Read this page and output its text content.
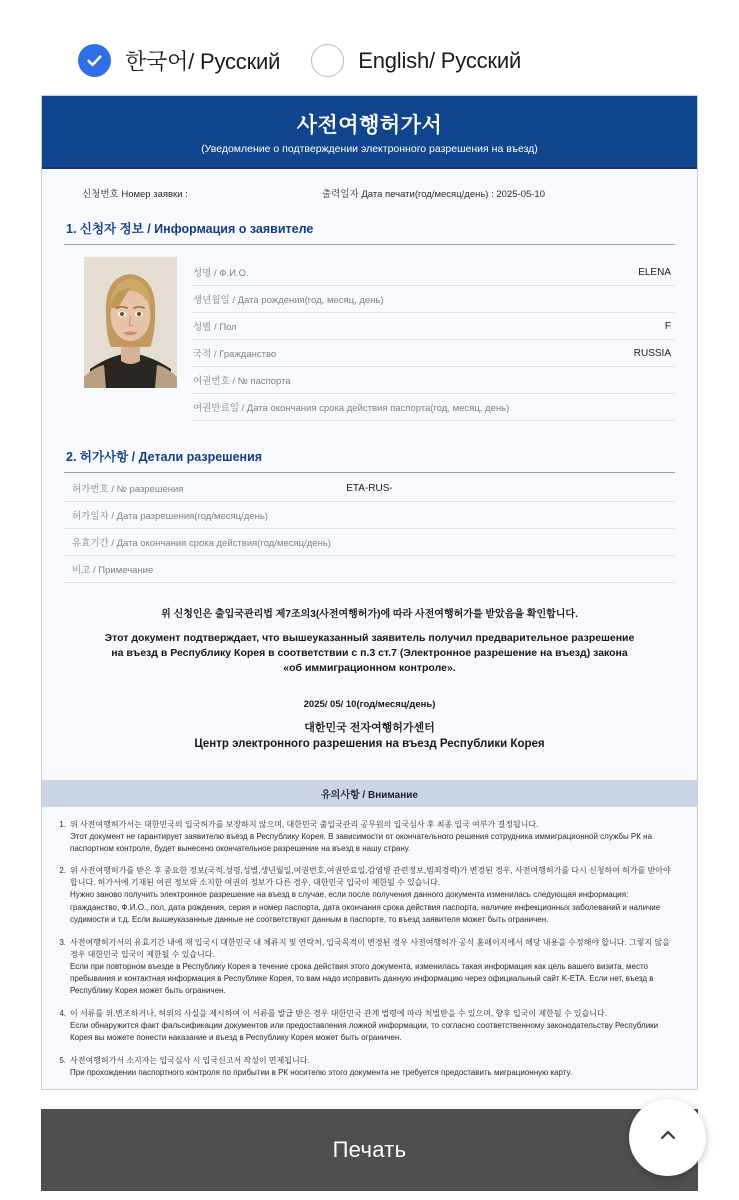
한국어/ Русский	English/ Русский
사전여행허가서
(Уведомление о подтверждении электронного разрешения на въезд)
신청번호 Номер заявки :	출력일자 Дата печати(год/месяц/день) : 2025-05-10
1. 신청자 정보 / Информация о заявителе
성명 / Ф.И.О.	ELENA
생년월일 / Дата рождения(год, месяц, день)
성별 / Пол	F
국적 / Гражданство	RUSSIA
여권번호 / № паспорта
여권만료일 / Дата окончания срока действия паспорта(год, месяц, день)
2. 허가사항 / Детали разрешения
허가번호 / № разрешения	ETA-RUS-
허가일자 / Дата разрешения(год/месяц/день)
유효기간 / Дата окончания срока действия(год/месяц/день)
비고 / Примечание
위 신청인은 출입국관리법 제7조의3(사전여행허가)에 따라 사전여행허가를 받았음을 확인합니다.
Этот документ подтверждает, что вышеуказанный заявитель получил предварительное разрешение на въезд в Республику Корея в соответствии с п.3 ст.7 (Электронное разрешение на въезд) закона «об иммиграционном контроле».
2025/ 05/ 10(год/месяц/день)
대한민국 전자여행허가센터
Центр электронного разрешения на въезд Республики Корея
유의사항 / Внимание
1. 위 사전여행허가서는 대한민국의 입국허가를 보장하지 않으며, 대한민국 출입국관리 공무원의 입국심사 후 최종 입국 여부가 결정됩니다.
Этот документ не гарантирует заявителю въезд в Республику Корея. В зависимости от окончательного решения сотрудника иммиграционной службы РК на паспортном контроле, будет вынесено окончательное разрешение на въезд в нашу страну.
2. 위 사전여행허가를 받은 후 중요한 정보(국적,성명,성별,생년월일,여권번호,여권만료일,감염병 관련정보,범죄경력)가 변경된 경우, 사전여행허가를 다시 신청하여 허가를 받아야 합니다. 허가서에 기재된 여권 정보와 소지한 여권의 정보가 다른 경우, 대한민국 입국이 제한될 수 있습니다.
Нужно заново получить электронное разрешение на въезд в случае, если после получения данного документа изменилась следующая информация: гражданство, Ф.И.О., пол, дата рождения, серия и номер паспорта, дата окончания срока действия паспорта, наличие инфекционных заболеваний и наличие судимости и т.д. Если вышеуказанные данные не соответствуют данным в паспорте, то въезд заявителя может быть ограничен.
3. 사전여행허가서의 유효기간 내에 재 입국시 대한민국 내 체류지 및 연락처, 입국목적이 변경된 경우 사전여행허가 공식 홈페이지에서 해당 내용을 수정해야 합니다. 그렇지 않을 경우 대한민국 입국이 제한될 수 있습니다.
Если при повторном въезде в Республику Корея в течение срока действия этого документа, изменилась такая информация как цель вашего визита, место пребывания и контактная информация в Республике Корея, то вам надо исправить данную информацию через официальный сайт K-ETA. Если нет, въезд в Республику Корея может быть ограничен.
4. 이 서류를 위.변조하거나, 허위의 사실을 제시하여 이 서류를 발급 받은 경우 대한민국 관계 법령에 따라 처벌받을 수 있으며, 향후 입국이 제한될 수 있습니다.
Если обнаружится факт фальсификации документов или предоставления ложной информации, то согласно соответственному законодательству Республики Корея вы можете понести наказание и въезд в Республику Корея может быть ограничен.
5. 사전여행허가서 소지자는 입국심사 시 입국신고서 작성이 면제됩니다.
При прохождении паспортного контроля по прибытии в РК носителю этого документа не требуется предоставить миграционную карту.
Печать
